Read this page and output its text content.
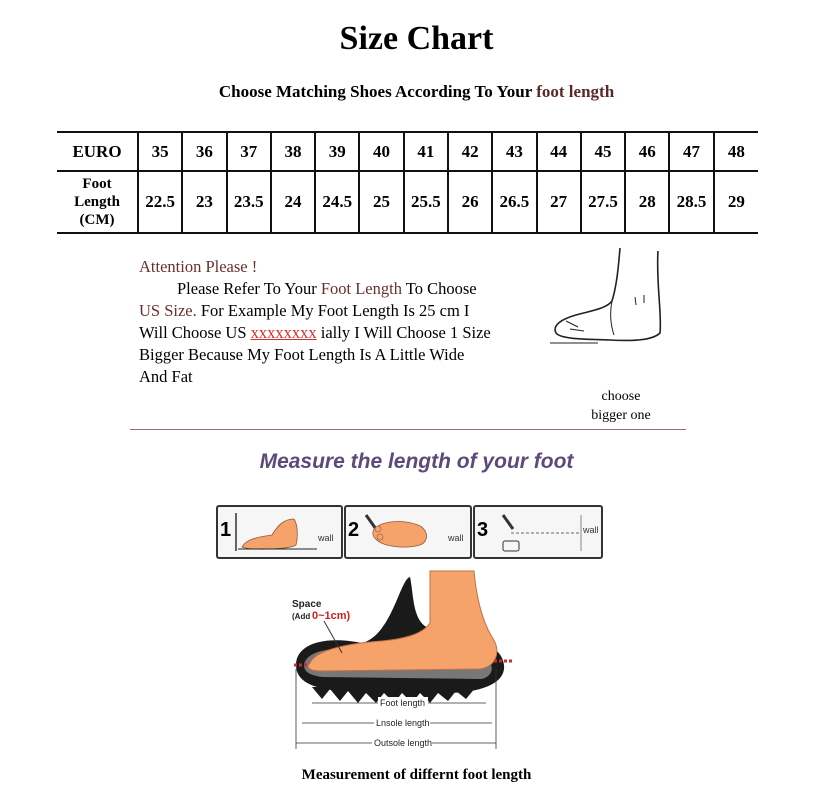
Size Chart
Choose Matching Shoes According To Your foot length
EURO	35	36	37	38	39	40	41	42	43	44	45	46	47	48

Foot
Length
(CM)	22.5	23	23.5	24	24.5	25	25.5	26	26.5	27	27.5	28	28.5	29
Attention Please !

Please Refer To Your Foot Length To Choose

US Size. For Example My Foot Length Is 25 cm I

Will Choose US xxxxxxxx ially I Will Choose 1 Size

Bigger Because My Foot Length Is A Little Wide

And Fat

choose
bigger one
Measure the length of your foot
1	wall 2	wall 3	wall
Space
(Add 0~1cm)
Foot length
Lnsole length
Outsole length
Measurement of differnt foot length
